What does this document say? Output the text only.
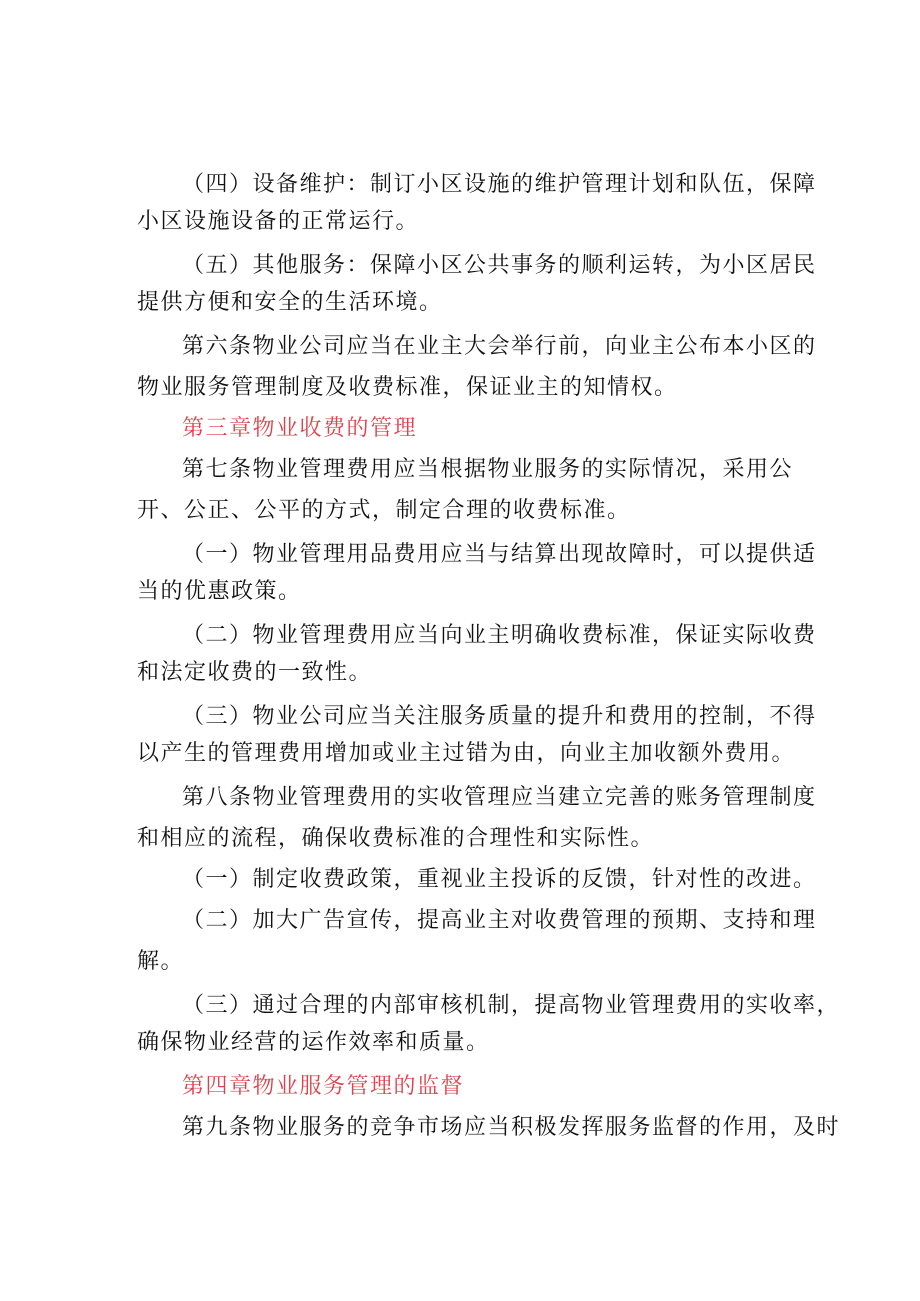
（四）设备维护：制订小区设施的维护管理计划和队伍，保障
小区设施设备的正常运行。
（五）其他服务：保障小区公共事务的顺利运转，为小区居民
提供方便和安全的生活环境。
第六条物业公司应当在业主大会举行前，向业主公布本小区的
物业服务管理制度及收费标准，保证业主的知情权。
第三章物业收费的管理
第七条物业管理费用应当根据物业服务的实际情况，采用公
开、公正、公平的方式，制定合理的收费标准。
（一）物业管理用品费用应当与结算出现故障时，可以提供适
当的优惠政策。
（二）物业管理费用应当向业主明确收费标准，保证实际收费
和法定收费的一致性。
（三）物业公司应当关注服务质量的提升和费用的控制，不得
以产生的管理费用增加或业主过错为由，向业主加收额外费用。
第八条物业管理费用的实收管理应当建立完善的账务管理制度
和相应的流程，确保收费标准的合理性和实际性。
（一）制定收费政策，重视业主投诉的反馈，针对性的改进。
（二）加大广告宣传，提高业主对收费管理的预期、支持和理
解。
（三）通过合理的内部审核机制，提高物业管理费用的实收率，
确保物业经营的运作效率和质量。
第四章物业服务管理的监督
第九条物业服务的竞争市场应当积极发挥服务监督的作用，及时
